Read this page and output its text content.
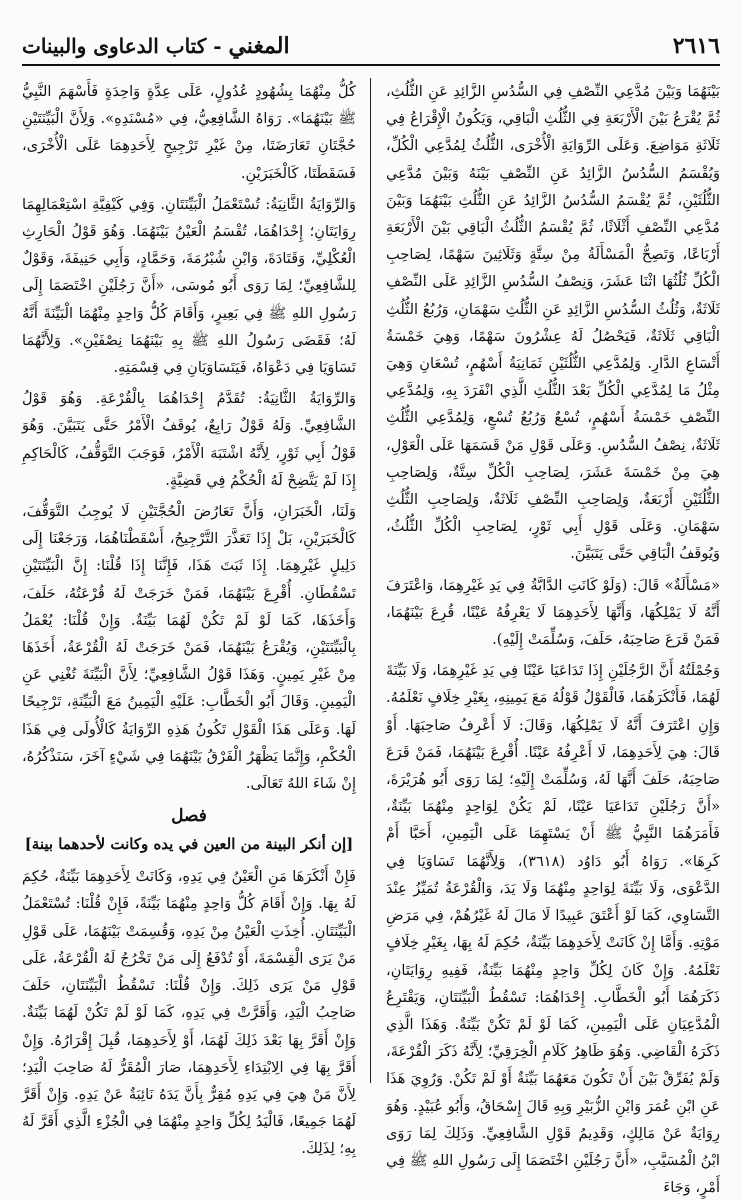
٢٦١٦
المغني - كتاب الدعاوى والبينات

بَيْنَهُمَا وَبَيْنَ مُدَّعِي النِّصْفِ فِي السُّدُسِ الزَّائِدِ عَنِ الثُّلُثِ، ثُمَّ يُقْرَعُ بَيْنَ الْأَرْبَعَةِ فِي الثُّلُثِ الْبَاقِي، وَيَكُونُ الْإِقْرَاعُ فِي ثَلَاثَةِ مَوَاضِعَ. وَعَلَى الرِّوَايَةِ الْأُخْرَى، الثُّلُثُ لِمُدَّعِي الْكُلِّ، وَيُقْسَمُ السُّدُسُ الزَّائِدُ عَنِ النِّصْفِ بَيْنَهُ وَبَيْنَ مُدَّعِي الثُّلُثَيْنِ، ثُمَّ يُقْسَمُ السُّدُسُ الزَّائِدُ عَنِ الثُّلُثِ بَيْنَهُمَا وَبَيْنَ مُدَّعِي النِّصْفِ أَثْلَاثًا، ثُمَّ يُقْسَمُ الثُّلُثُ الْبَاقِي بَيْنَ الْأَرْبَعَةِ أَرْبَاعًا، وَتَصِحُّ الْمَسْأَلَةُ مِنْ سِتَّةٍ وَثَلَاثِينَ سَهْمًا، لِصَاحِبِ الْكُلِّ ثُلُثُهَا اثْنَا عَشَرَ، وَنِصْفُ السُّدُسِ الزَّائِدِ عَلَى النِّصْفِ ثَلَاثَةٌ، وَثُلُثُ السُّدُسِ الزَّائِدِ عَنِ الثُّلُثِ سَهْمَانِ، وَرُبُعُ الثُّلُثِ الْبَاقِي ثَلَاثَةٌ، فَيَحْصُلُ لَهُ عِشْرُونَ سَهْمًا، وَهِيَ خَمْسَةُ أَتْسَاعِ الدَّارِ. وَلِمُدَّعِي الثُّلُثَيْنِ ثَمَانِيَةُ أَسْهُمٍ، تُسْعَانِ وَهِيَ مِثْلُ مَا لِمُدَّعِي الْكُلِّ بَعْدَ الثُّلُثِ الَّذِي انْفَرَدَ بِهِ، وَلِمُدَّعِي النِّصْفِ خَمْسَةُ أَسْهُمٍ، تُسْعٌ وَرُبُعُ تُسْعٍ، وَلِمُدَّعِي الثُّلُثِ ثَلَاثَةٌ، نِصْفُ السُّدُسِ. وَعَلَى قَوْلِ مَنْ قَسَمَهَا عَلَى الْعَوْلِ، هِيَ مِنْ خَمْسَةَ عَشَرَ، لِصَاحِبِ الْكُلِّ سِتَّةٌ، وَلِصَاحِبِ الثُّلُثَيْنِ أَرْبَعَةٌ، وَلِصَاحِبِ النِّصْفِ ثَلَاثَةٌ، وَلِصَاحِبِ الثُّلُثِ سَهْمَانِ. وَعَلَى قَوْلِ أَبِي ثَوْرٍ، لِصَاحِبِ الْكُلِّ الثُّلُثُ، وَيُوقَفُ الْبَاقِي حَتَّى يَتَبَيَّنَ.

«مَسْأَلَةٌ» قَالَ: (وَلَوْ كَانَتِ الدَّابَّةُ فِي يَدِ غَيْرِهِمَا، وَاعْتَرَفَ أَنَّهُ لَا يَمْلِكُهَا، وَأَنَّهَا لِأَحَدِهِمَا لَا يَعْرِفُهُ عَيْنًا، قُرِعَ بَيْنَهُمَا، فَمَنْ قَرَعَ صَاحِبَهُ، حَلَفَ، وَسُلِّمَتْ إِلَيْهِ).

وَجُمْلَتُهُ أَنَّ الرَّجُلَيْنِ إِذَا تَدَاعَيَا عَيْنًا فِي يَدِ غَيْرِهِمَا، وَلَا بَيِّنَةَ لَهُمَا، فَأَنْكَرَهُمَا، فَالْقَوْلُ قَوْلُهُ مَعَ يَمِينِهِ، بِغَيْرِ خِلَافٍ نَعْلَمُهُ. وَإِنِ اعْتَرَفَ أَنَّهُ لَا يَمْلِكُهَا، وَقَالَ: لَا أَعْرِفُ صَاحِبَهَا. أَوْ قَالَ: هِيَ لِأَحَدِهِمَا، لَا أَعْرِفُهُ عَيْنًا. أُقْرِعَ بَيْنَهُمَا، فَمَنْ قَرَعَ صَاحِبَهُ، حَلَفَ أَنَّهَا لَهُ، وَسُلِّمَتْ إِلَيْهِ؛ لِمَا رَوَى أَبُو هُرَيْرَةَ، «أَنَّ رَجُلَيْنِ تَدَاعَيَا عَيْنًا، لَمْ يَكُنْ لِوَاحِدٍ مِنْهُمَا بَيِّنَةٌ، فَأَمَرَهُمَا النَّبِيُّ ﷺ أَنْ يَسْتَهِمَا عَلَى الْيَمِينِ، أَحَبَّا أَمْ كَرِهَا». رَوَاهُ أَبُو دَاوُد (٣٦١٨)، وَلِأَنَّهُمَا تَسَاوَيَا فِي الدَّعْوَى، وَلَا بَيِّنَةَ لِوَاحِدٍ مِنْهُمَا وَلَا يَدَ، وَالْقُرْعَةُ تُمَيِّزُ عِنْدَ التَّسَاوِي، كَمَا لَوْ أَعْتَقَ عَبِيدًا لَا مَالَ لَهُ غَيْرُهُمْ، فِي مَرَضِ مَوْتِهِ. وَأَمَّا إِنْ كَانَتْ لِأَحَدِهِمَا بَيِّنَةٌ، حُكِمَ لَهُ بِهَا، بِغَيْرِ خِلَافٍ نَعْلَمُهُ. وَإِنْ كَانَ لِكُلِّ وَاحِدٍ مِنْهُمَا بَيِّنَةٌ، فَفِيهِ رِوَايَتَانِ، ذَكَرَهُمَا أَبُو الْخَطَّابِ. إِحْدَاهُمَا: تَسْقُطُ الْبَيِّنَتَانِ، وَيَقْتَرِعُ الْمُدَّعِيَانِ عَلَى الْيَمِينِ، كَمَا لَوْ لَمْ تَكُنْ بَيِّنَةٌ. وَهَذَا الَّذِي ذَكَرَهُ الْقَاضِي. وَهُوَ ظَاهِرُ كَلَامِ الْخِرَقِيِّ؛ لِأَنَّهُ ذَكَرَ الْقُرْعَةَ، وَلَمْ يُفَرِّقْ بَيْنَ أَنْ تَكُونَ مَعَهُمَا بَيِّنَةٌ أَوْ لَمْ تَكُنْ. وَرُوِيَ هَذَا عَنِ ابْنِ عُمَرَ وَابْنِ الزُّبَيْرِ وَبِهِ قَالَ إِسْحَاقُ، وَأَبُو عُبَيْدٍ. وَهُوَ رِوَايَةٌ عَنْ مَالِكٍ، وَقَدِيمُ قَوْلِ الشَّافِعِيِّ. وَذَلِكَ لِمَا رَوَى ابْنُ الْمُسَيَّبِ، «أَنَّ رَجُلَيْنِ اخْتَصَمَا إِلَى رَسُولِ اللهِ ﷺ فِي أَمْرٍ، وَجَاءَ

كُلُّ مِنْهُمَا بِشُهُودٍ عُدُولٍ، عَلَى عِدَّةٍ وَاحِدَةٍ فَأَسْهَمَ النَّبِيُّ ﷺ بَيْنَهُمَا». رَوَاهُ الشَّافِعِيُّ، فِي «مُسْنَدِهِ». وَلِأَنَّ الْبَيِّنَتَيْنِ حُجَّتَانِ تَعَارَضَتَا، مِنْ غَيْرِ تَرْجِيحٍ لِأَحَدِهِمَا عَلَى الْأُخْرَى، فَسَقَطَتَا، كَالْخَبَرَيْنِ.

وَالرِّوَايَةُ الثَّانِيَةُ: تُسْتَعْمَلُ الْبَيِّنَتَانِ. وَفِي كَيْفِيَّةِ اسْتِعْمَالِهِمَا رِوَايَتَانِ؛ إِحْدَاهُمَا، تُقْسَمُ الْعَيْنُ بَيْنَهُمَا. وَهُوَ قَوْلُ الْحَارِثِ الْعُكْلِيِّ، وَقَتَادَةَ، وَابْنِ شُبْرُمَةَ، وَحَمَّادٍ، وَأَبِي حَنِيفَةَ، وَقَوْلٌ لِلشَّافِعِيِّ؛ لِمَا رَوَى أَبُو مُوسَى، «أَنَّ رَجُلَيْنِ اخْتَصَمَا إِلَى رَسُولِ اللهِ ﷺ فِي بَعِيرٍ، وَأَقَامَ كُلُّ وَاحِدٍ مِنْهُمَا الْبَيِّنَةَ أَنَّهُ لَهُ؛ فَقَضَى رَسُولُ اللهِ ﷺ بِهِ بَيْنَهُمَا نِصْفَيْنِ». وَلِأَنَّهُمَا تَسَاوَيَا فِي دَعْوَاهُ، فَيَتَسَاوَيَانِ فِي قِسْمَتِهِ.

وَالرِّوَايَةُ الثَّانِيَةُ: تُقَدَّمُ إِحْدَاهُمَا بِالْقُرْعَةِ. وَهُوَ قَوْلُ الشَّافِعِيِّ. وَلَهُ قَوْلٌ رَابِعٌ، يُوقَفُ الْأَمْرُ حَتَّى يَتَبَيَّنَ. وَهُوَ قَوْلُ أَبِي ثَوْرٍ، لِأَنَّهُ اشْتَبَهَ الْأَمْرُ، فَوَجَبَ التَّوَقُّفُ، كَالْحَاكِمِ إِذَا لَمْ يَتَّضِحْ لَهُ الْحُكْمُ فِي قَضِيَّةٍ.

وَلَنَا، الْخَبَرَانِ، وَأَنَّ تَعَارُضَ الْحُجَّتَيْنِ لَا يُوجِبُ التَّوَقُّفَ، كَالْخَبَرَيْنِ، بَلْ إِذَا تَعَذَّرَ التَّرْجِيحُ، أَسْقَطْنَاهُمَا، وَرَجَعْنَا إِلَى دَلِيلٍ غَيْرِهِمَا. إِذَا ثَبَتَ هَذَا، فَإِنَّنَا إِذَا قُلْنَا: إِنَّ الْبَيِّنَتَيْنِ تَسْقُطَانِ. أُقْرِعَ بَيْنَهُمَا، فَمَنْ خَرَجَتْ لَهُ قُرْعَتُهُ، حَلَفَ، وَأَخَذَهَا، كَمَا لَوْ لَمْ تَكُنْ لَهُمَا بَيِّنَةٌ. وَإِنْ قُلْنَا: يُعْمَلُ بِالْبَيِّنَتَيْنِ، وَيُقْرَعُ بَيْنَهُمَا، فَمَنْ خَرَجَتْ لَهُ الْقُرْعَةُ، أَخَذَهَا مِنْ غَيْرِ يَمِينٍ. وَهَذَا قَوْلُ الشَّافِعِيِّ؛ لِأَنَّ الْبَيِّنَةَ تُغْنِي عَنِ الْيَمِينِ. وَقَالَ أَبُو الْخَطَّابِ: عَلَيْهِ الْيَمِينُ مَعَ الْبَيِّنَةِ، تَرْجِيحًا لَهَا. وَعَلَى هَذَا الْقَوْلِ تَكُونُ هَذِهِ الرِّوَايَةُ كَالْأُولَى فِي هَذَا الْحُكْمِ، وَإِنَّمَا يَظْهَرُ الْفَرْقُ بَيْنَهُمَا فِي شَيْءٍ آخَرَ، سَنَذْكُرُهُ، إِنْ شَاءَ اللهُ تَعَالَى.

فصل
[إن أنكر البينة من العين في يده وكانت لأحدهما بينة]

فَإِنْ أَنْكَرَهَا مَنِ الْعَيْنُ فِي يَدِهِ، وَكَانَتْ لِأَحَدِهِمَا بَيِّنَةٌ، حُكِمَ لَهُ بِهَا. وَإِنْ أَقَامَ كُلُّ وَاحِدٍ مِنْهُمَا بَيِّنَةً، فَإِنْ قُلْنَا: تُسْتَعْمَلُ الْبَيِّنَتَانِ. أُخِذَتِ الْعَيْنُ مِنْ يَدِهِ، وَقُسِمَتْ بَيْنَهُمَا، عَلَى قَوْلِ مَنْ يَرَى الْقِسْمَةَ، أَوْ تُدْفَعُ إِلَى مَنْ تَخْرُجُ لَهُ الْقُرْعَةُ، عَلَى قَوْلِ مَنْ يَرَى ذَلِكَ. وَإِنْ قُلْنَا: تَسْقُطُ الْبَيِّنَتَانِ، حَلَفَ صَاحِبُ الْيَدِ، وَأَقَرَّتْ فِي يَدِهِ، كَمَا لَوْ لَمْ تَكُنْ لَهُمَا بَيِّنَةٌ. وَإِنْ أَقَرَّ بِهَا بَعْدَ ذَلِكَ لَهُمَا، أَوْ لِأَحَدِهِمَا، قُبِلَ إِقْرَارُهُ. وَإِنْ أَقَرَّ بِهَا فِي الِابْتِدَاءِ لِأَحَدِهِمَا، صَارَ الْمُقَرُّ لَهُ صَاحِبَ الْيَدِ؛ لِأَنَّ مَنْ هِيَ فِي يَدِهِ مُقِرٌّ بِأَنَّ يَدَهُ نَائِبَةٌ عَنْ يَدِهِ. وَإِنْ أَقَرَّ لَهُمَا جَمِيعًا، فَالْيَدُ لِكُلِّ وَاحِدٍ مِنْهُمَا فِي الْجُزْءِ الَّذِي أَقَرَّ لَهُ بِهِ؛ لِذَلِكَ.
